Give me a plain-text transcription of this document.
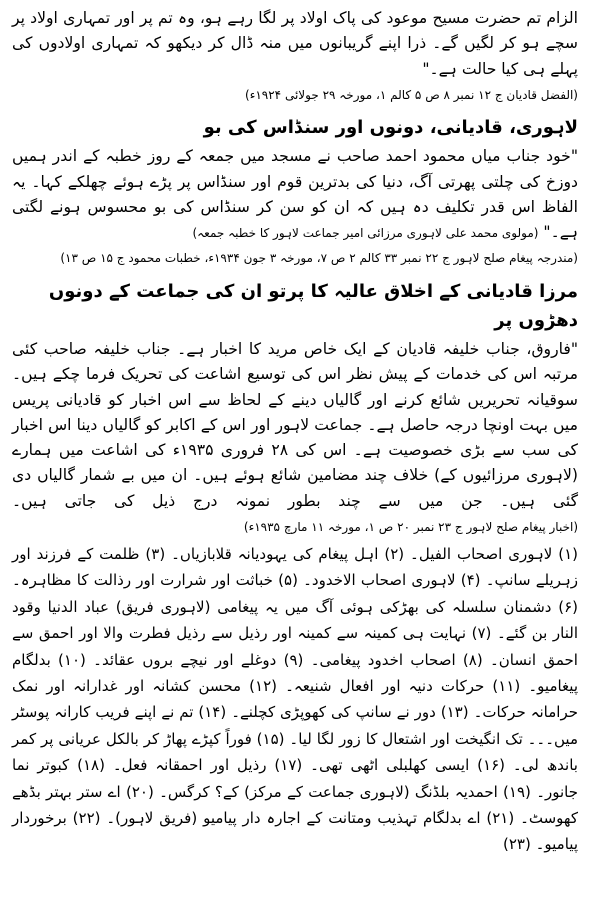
الزام تم حضرت مسیح موعود کی پاک اولاد پر لگا رہے ہو، وہ تم پر اور تمہاری اولاد پر سچے ہو کر لگیں گے۔ ذرا اپنے گریبانوں میں منہ ڈال کر دیکھو کہ تمہاری اولادوں کی پہلے ہی کیا حالت ہے۔"

(الفضل قادیان ج ۱۲ نمبر ۸ ص ۵ کالم ۱، مورخہ ۲۹ جولائی ۱۹۲۴ء)
لاہوری، قادیانی، دونوں اور سنڈاس کی بو

"خود جناب میاں محمود احمد صاحب نے مسجد میں جمعہ کے روز خطبہ کے اندر ہمیں دوزخ کی چلتی پھرتی آگ، دنیا کی بدترین قوم اور سنڈاس پر پڑے ہوئے چھلکے کہا۔ یہ الفاظ اس قدر تکلیف دہ ہیں کہ ان کو سن کر سنڈاس کی بو محسوس ہونے لگتی ہے۔" (مولوی محمد علی لاہوری مرزائی امیر جماعت لاہور کا خطبہ جمعہ)

(مندرجہ پیغام صلح لاہور ج ۲۲ نمبر ۳۳ کالم ۲ ص ۷، مورخہ ۳ جون ۱۹۳۴ء، خطبات محمود ج ۱۵ ص ۱۳)
مرزا قادیانی کے اخلاق عالیہ کا پرتو ان کی جماعت کے دونوں دھڑوں پر

"فاروق، جناب خلیفہ قادیان کے ایک خاص مرید کا اخبار ہے۔ جناب خلیفہ صاحب کئی مرتبہ اس کی خدمات کے پیش نظر اس کی توسیع اشاعت کی تحریک فرما چکے ہیں۔ سوقیانہ تحریریں شائع کرنے اور گالیاں دینے کے لحاظ سے اس اخبار کو قادیانی پریس میں بہت اونچا درجہ حاصل ہے۔ جماعت لاہور اور اس کے اکابر کو گالیاں دینا اس اخبار کی سب سے بڑی خصوصیت ہے۔ اس کی ۲۸ فروری ۱۹۳۵ء کی اشاعت میں ہمارے (لاہوری مرزائیوں کے) خلاف چند مضامین شائع ہوئے ہیں۔ ان میں بے شمار گالیاں دی گئی ہیں۔ جن میں سے چند بطور نمونہ درج ذیل کی جاتی ہیں۔ (اخبار پیغام صلح لاہور ج ۲۳ نمبر ۲۰ ص ۱، مورخہ ۱۱ مارچ ۱۹۳۵ء)

(۱) لاہوری اصحاب الفیل۔ (۲) اہل پیغام کی یہودیانہ قلابازیاں۔ (۳) ظلمت کے فرزند اور زہریلے سانپ۔ (۴) لاہوری اصحاب الاخدود۔ (۵) خباثت اور شرارت اور رذالت کا مظاہرہ۔ (۶) دشمنان سلسلہ کی بھڑکی ہوئی آگ میں یہ پیغامی (لاہوری فریق) عباد الدنیا وقود النار بن گئے۔ (۷) نہایت ہی کمینہ سے کمینہ اور رذیل سے رذیل فطرت والا اور احمق سے احمق انسان۔ (۸) اصحاب اخدود پیغامی۔ (۹) دوغلے اور نیچے بروں عقائد۔ (۱۰) بدلگام پیغامیو۔ (۱۱) حرکات دنیہ اور افعال شنیعہ۔ (۱۲) محسن کشانہ اور غدارانہ اور نمک حرامانہ حرکات۔ (۱۳) دور نے سانپ کی کھوپڑی کچلنے۔ (۱۴) تم نے اپنے فریب کارانہ پوسٹر میں۔۔۔ تک انگیخت اور اشتعال کا زور لگا لیا۔ (۱۵) فوراً کپڑے پھاڑ کر بالکل عریانی پر کمر باندھ لی۔ (۱۶) ایسی کھلبلی اٹھی تھی۔ (۱۷) رذیل اور احمقانہ فعل۔ (۱۸) کبوتر نما جانور۔ (۱۹) احمدیہ بلڈنگ (لاہوری جماعت کے مرکز) کے؟ کرگس۔ (۲۰) اے ستر بہتر بڈھے کھوسٹ۔ (۲۱) اے بدلگام تہذیب ومتانت کے اجارہ دار پیامیو (فریق لاہور)۔ (۲۲) برخوردار پیامیو۔ (۲۳)
